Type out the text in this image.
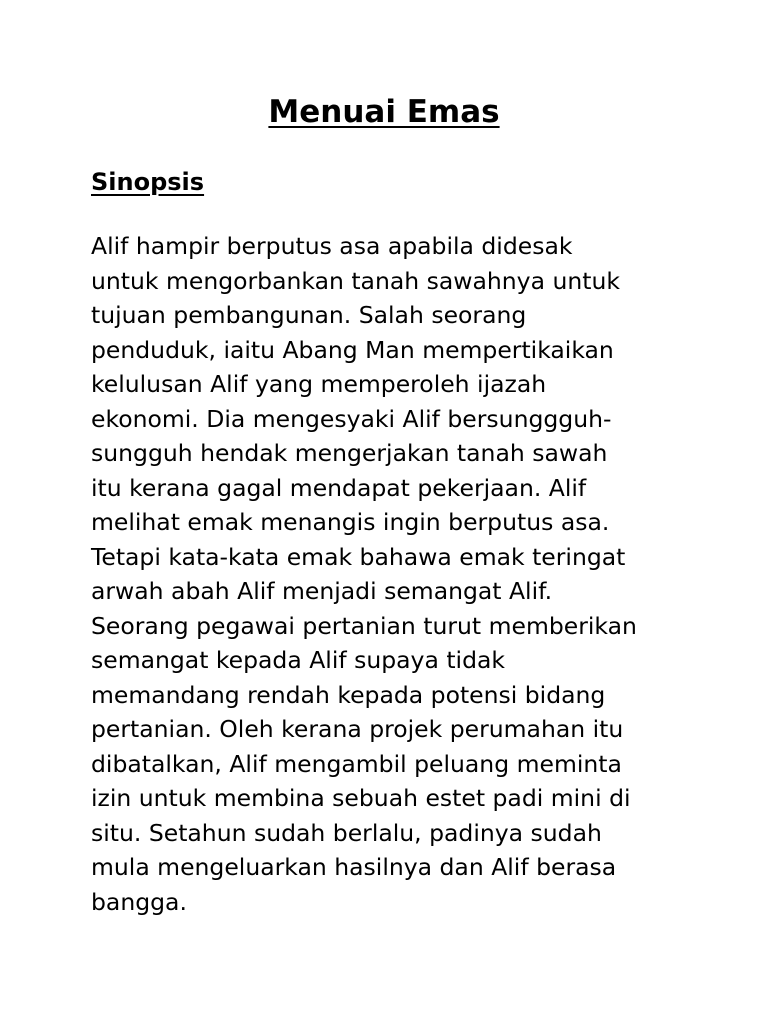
Menuai Emas
Sinopsis

Alif hampir berputus asa apabila didesak
untuk mengorbankan tanah sawahnya untuk
tujuan pembangunan. Salah seorang
penduduk, iaitu Abang Man mempertikaikan
kelulusan Alif yang memperoleh ijazah
ekonomi. Dia mengesyaki Alif bersunggguh-
sungguh hendak mengerjakan tanah sawah
itu kerana gagal mendapat pekerjaan. Alif
melihat emak menangis ingin berputus asa.
Tetapi kata-kata emak bahawa emak teringat
arwah abah Alif menjadi semangat Alif.
Seorang pegawai pertanian turut memberikan
semangat kepada Alif supaya tidak
memandang rendah kepada potensi bidang
pertanian. Oleh kerana projek perumahan itu
dibatalkan, Alif mengambil peluang meminta
izin untuk membina sebuah estet padi mini di
situ. Setahun sudah berlalu, padinya sudah
mula mengeluarkan hasilnya dan Alif berasa
bangga.
